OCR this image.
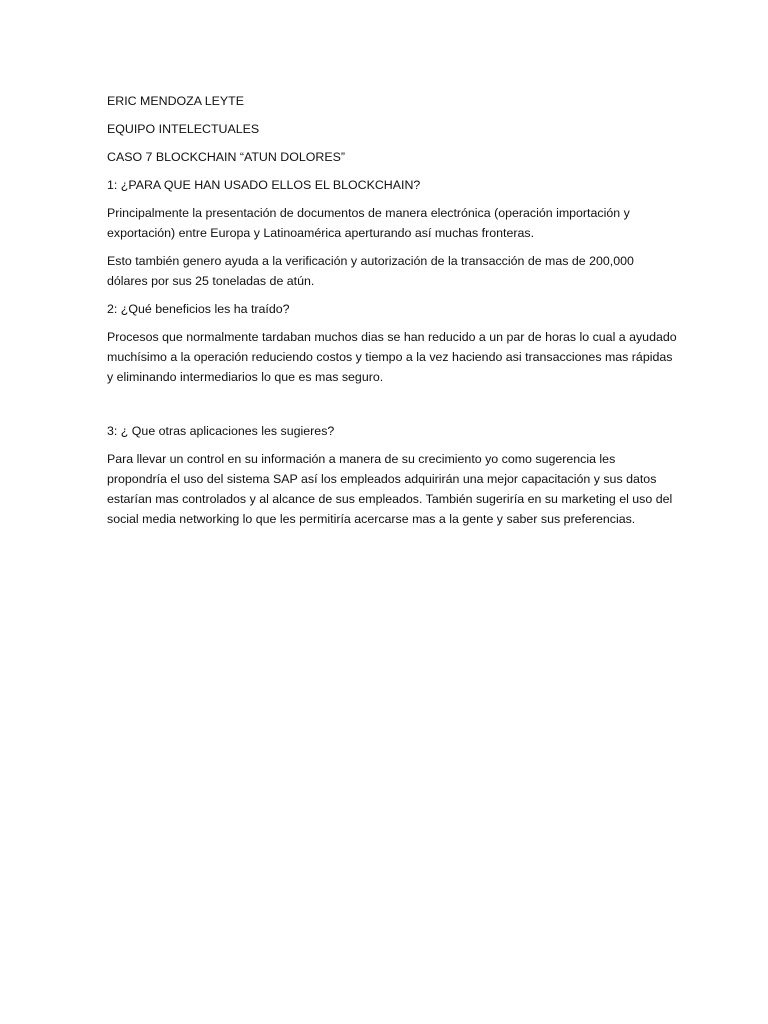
ERIC MENDOZA LEYTE

EQUIPO INTELECTUALES

CASO 7 BLOCKCHAIN “ATUN DOLORES”

1: ¿PARA QUE HAN USADO ELLOS EL BLOCKCHAIN?

Principalmente la presentación de documentos de manera electrónica (operación importación y exportación) entre Europa y Latinoamérica aperturando así muchas fronteras.

Esto también genero ayuda a la verificación y autorización de la transacción de mas de 200,000 dólares por sus 25 toneladas de atún.

2: ¿Qué beneficios les ha traído?

Procesos que normalmente tardaban muchos dias se han reducido a un par de horas lo cual a ayudado muchísimo a la operación reduciendo costos y tiempo a la vez haciendo asi transacciones mas rápidas y eliminando intermediarios lo que es mas seguro.

3: ¿ Que otras aplicaciones les sugieres?

Para llevar un control en su información a manera de su crecimiento yo como sugerencia les propondría el uso del sistema SAP así los empleados adquirirán una mejor capacitación y sus datos estarían mas controlados y al alcance de sus empleados. También sugeriría en su marketing el uso del social media networking lo que les permitiría acercarse mas a la gente y saber sus preferencias.
